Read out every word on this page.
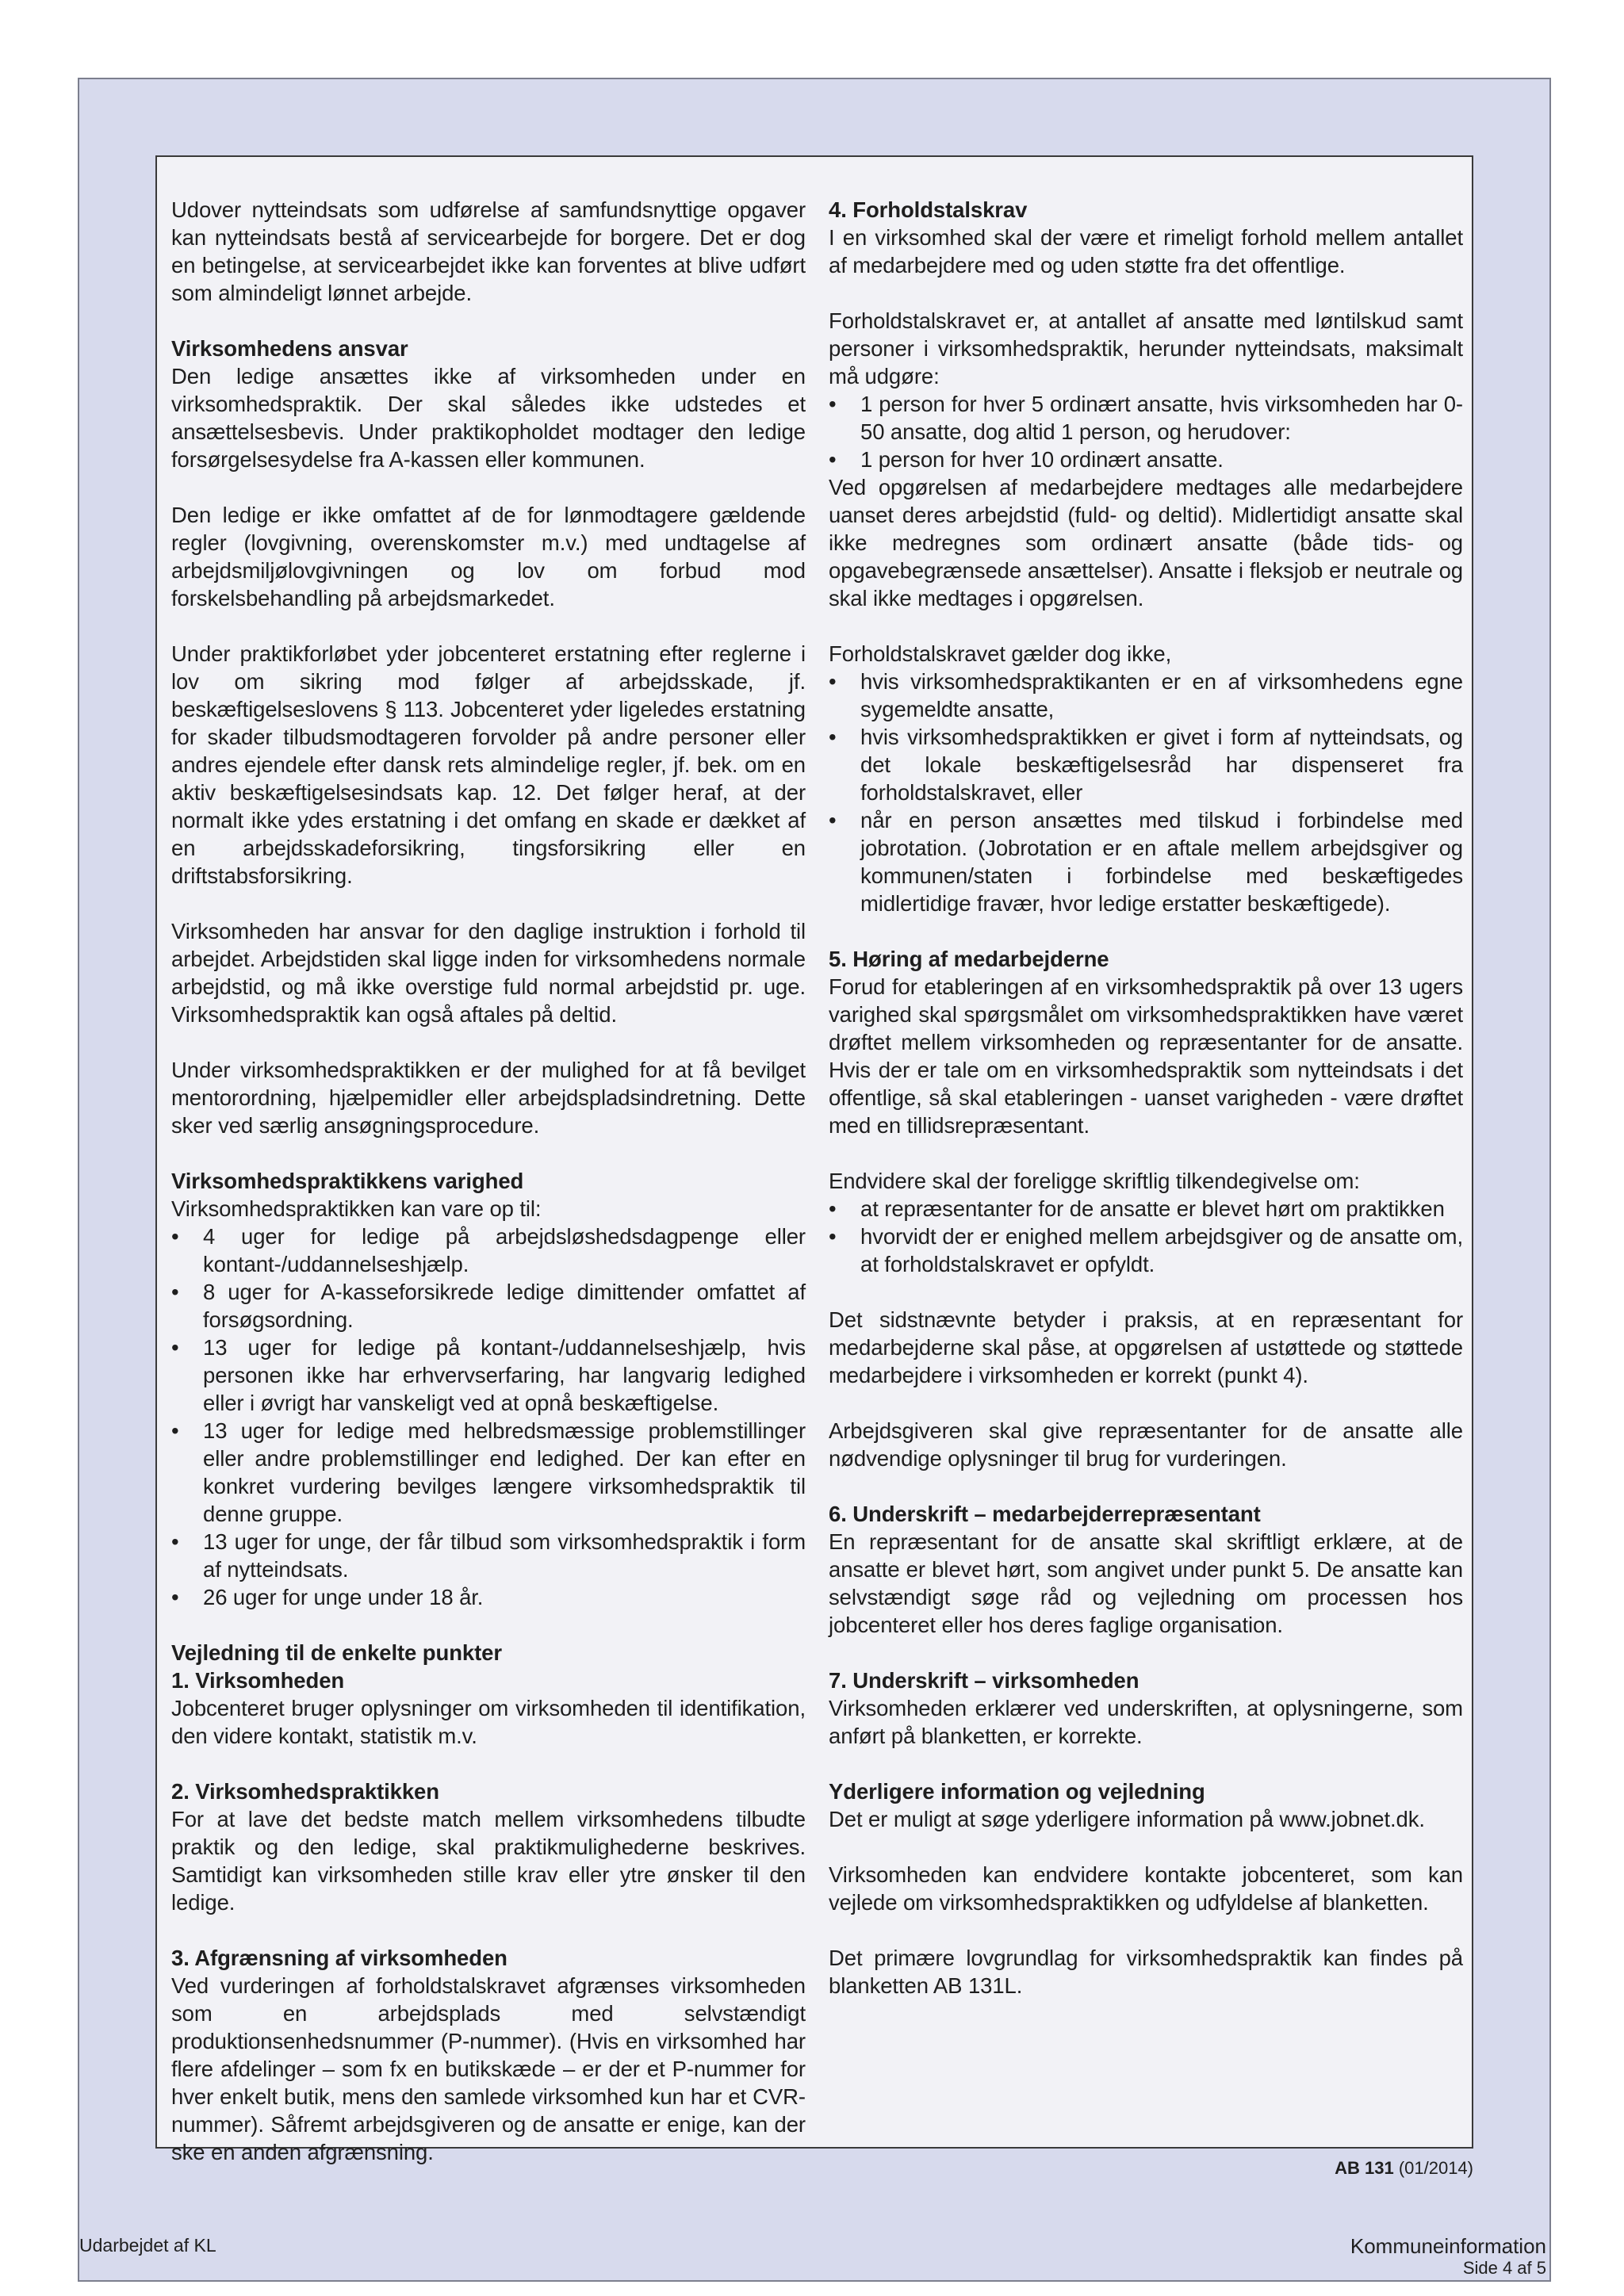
Udover nytteindsats som udførelse af samfundsnyttige opgaver kan nytteindsats bestå af servicearbejde for borgere. Det er dog en betingelse, at servicearbejdet ikke kan forventes at blive udført som almindeligt lønnet arbejde.

Virksomhedens ansvar

Den ledige ansættes ikke af virksomheden under en virksomhedspraktik. Der skal således ikke udstedes et ansættelsesbevis. Under praktikopholdet modtager den ledige forsørgelsesydelse fra A-kassen eller kommunen.

Den ledige er ikke omfattet af de for lønmodtagere gældende regler (lovgivning, overenskomster m.v.) med undtagelse af arbejdsmiljølovgivningen og lov om forbud mod forskelsbehandling på arbejdsmarkedet.

Under praktikforløbet yder jobcenteret erstatning efter reglerne i lov om sikring mod følger af arbejdsskade, jf. beskæftigelseslovens § 113. Jobcenteret yder ligeledes erstatning for skader tilbudsmodtageren forvolder på andre personer eller andres ejendele efter dansk rets almindelige regler, jf. bek. om en aktiv beskæftigelsesindsats kap. 12. Det følger heraf, at der normalt ikke ydes erstatning i det omfang en skade er dækket af en arbejdsskadeforsikring, tingsforsikring eller en driftstabsforsikring.

Virksomheden har ansvar for den daglige instruktion i forhold til arbejdet. Arbejdstiden skal ligge inden for virksomhedens normale arbejdstid, og må ikke overstige fuld normal arbejdstid pr. uge. Virksomhedspraktik kan også aftales på deltid.

Under virksomhedspraktikken er der mulighed for at få bevilget mentorordning, hjælpemidler eller arbejdspladsindretning. Dette sker ved særlig ansøgningsprocedure.

Virksomhedspraktikkens varighed

Virksomhedspraktikken kan vare op til:

• 4 uger for ledige på arbejdsløshedsdagpenge eller kontant-/uddannelseshjælp.
• 8 uger for A-kasseforsikrede ledige dimittender omfattet af forsøgsordning.
• 13 uger for ledige på kontant-/uddannelseshjælp, hvis personen ikke har erhvervserfaring, har langvarig ledighed eller i øvrigt har vanskeligt ved at opnå beskæftigelse.
• 13 uger for ledige med helbredsmæssige problemstillinger eller andre problemstillinger end ledighed. Der kan efter en konkret vurdering bevilges længere virksomhedspraktik til denne gruppe.
• 13 uger for unge, der får tilbud som virksomhedspraktik i form af nytteindsats.
• 26 uger for unge under 18 år.
Vejledning til de enkelte punkter
1. Virksomheden

Jobcenteret bruger oplysninger om virksomheden til identifikation, den videre kontakt, statistik m.v.

2. Virksomhedspraktikken

For at lave det bedste match mellem virksomhedens tilbudte praktik og den ledige, skal praktikmulighederne beskrives. Samtidigt kan virksomheden stille krav eller ytre ønsker til den ledige.

3. Afgrænsning af virksomheden

Ved vurderingen af forholdstalskravet afgrænses virksomheden som en arbejdsplads med selvstændigt produktionsenhedsnummer (P-nummer). (Hvis en virksomhed har flere afdelinger – som fx en butikskæde – er der et P-nummer for hver enkelt butik, mens den samlede virksomhed kun har et CVR-nummer). Såfremt arbejdsgiveren og de ansatte er enige, kan der ske en anden afgrænsning.

4. Forholdstalskrav

I en virksomhed skal der være et rimeligt forhold mellem antallet af medarbejdere med og uden støtte fra det offentlige.

Forholdstalskravet er, at antallet af ansatte med løntilskud samt personer i virksomhedspraktik, herunder nytteindsats, maksimalt må udgøre:

• 1 person for hver 5 ordinært ansatte, hvis virksomheden har 0-50 ansatte, dog altid 1 person, og herudover:
• 1 person for hver 10 ordinært ansatte.

Ved opgørelsen af medarbejdere medtages alle medarbejdere uanset deres arbejdstid (fuld- og deltid). Midlertidigt ansatte skal ikke medregnes som ordinært ansatte (både tids- og opgavebegrænsede ansættelser). Ansatte i fleksjob er neutrale og skal ikke medtages i opgørelsen.

Forholdstalskravet gælder dog ikke,

• hvis virksomhedspraktikanten er en af virksomhedens egne sygemeldte ansatte,
• hvis virksomhedspraktikken er givet i form af nytteindsats, og det lokale beskæftigelsesråd har dispenseret fra forholdstalskravet, eller
• når en person ansættes med tilskud i forbindelse med jobrotation. (Jobrotation er en aftale mellem arbejdsgiver og kommunen/staten i forbindelse med beskæftigedes midlertidige fravær, hvor ledige erstatter beskæftigede).
5. Høring af medarbejderne

Forud for etableringen af en virksomhedspraktik på over 13 ugers varighed skal spørgsmålet om virksomhedspraktikken have været drøftet mellem virksomheden og repræsentanter for de ansatte. Hvis der er tale om en virksomhedspraktik som nytteindsats i det offentlige, så skal etableringen - uanset varigheden - være drøftet med en tillidsrepræsentant.

Endvidere skal der foreligge skriftlig tilkendegivelse om:

• at repræsentanter for de ansatte er blevet hørt om praktikken
• hvorvidt der er enighed mellem arbejdsgiver og de ansatte om, at forholdstalskravet er opfyldt.

Det sidstnævnte betyder i praksis, at en repræsentant for medarbejderne skal påse, at opgørelsen af ustøttede og støttede medarbejdere i virksomheden er korrekt (punkt 4).

Arbejdsgiveren skal give repræsentanter for de ansatte alle nødvendige oplysninger til brug for vurderingen.

6. Underskrift – medarbejderrepræsentant

En repræsentant for de ansatte skal skriftligt erklære, at de ansatte er blevet hørt, som angivet under punkt 5. De ansatte kan selvstændigt søge råd og vejledning om processen hos jobcenteret eller hos deres faglige organisation.

7. Underskrift – virksomheden

Virksomheden erklærer ved underskriften, at oplysningerne, som anført på blanketten, er korrekte.

Yderligere information og vejledning

Det er muligt at søge yderligere information på www.jobnet.dk.

Virksomheden kan endvidere kontakte jobcenteret, som kan vejlede om virksomhedspraktikken og udfyldelse af blanketten.

Det primære lovgrundlag for virksomhedspraktik kan findes på blanketten AB 131L.

AB 131 (01/2014)
Udarbejdet af KL	Kommuneinformation
Side 4 af 5
